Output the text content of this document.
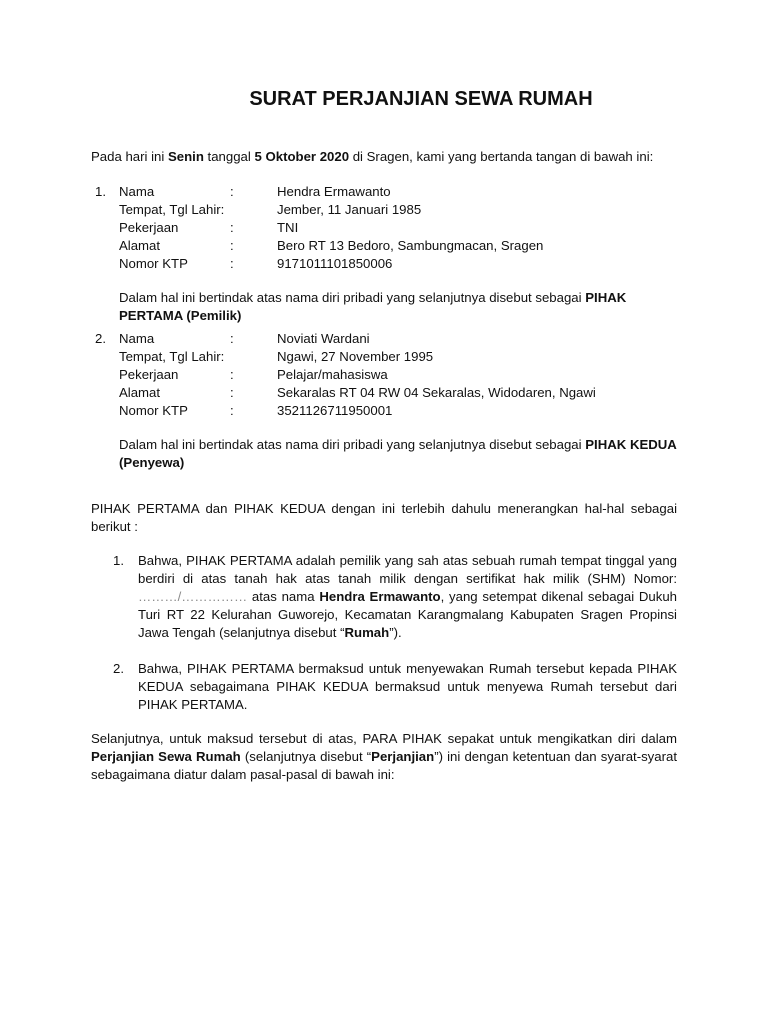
SURAT PERJANJIAN SEWA RUMAH
Pada hari ini Senin tanggal 5 Oktober 2020 di Sragen, kami yang bertanda tangan di bawah ini:
1. Nama	:	Hendra Ermawanto
Tempat, Tgl Lahir:	Jember, 11 Januari 1985
Pekerjaan	:	TNI
Alamat	:	Bero RT 13 Bedoro, Sambungmacan, Sragen
Nomor KTP	:	9171011101850006
Dalam hal ini bertindak atas nama diri pribadi yang selanjutnya disebut sebagai PIHAK PERTAMA (Pemilik)
2. Nama	:	Noviati Wardani
Tempat, Tgl Lahir:	Ngawi, 27 November 1995
Pekerjaan	:	Pelajar/mahasiswa
Alamat	:	Sekaralas RT 04 RW 04 Sekaralas, Widodaren, Ngawi
Nomor KTP	:	3521126711950001
Dalam hal ini bertindak atas nama diri pribadi yang selanjutnya disebut sebagai PIHAK KEDUA (Penyewa)
PIHAK PERTAMA dan PIHAK KEDUA dengan ini terlebih dahulu menerangkan hal-hal sebagai berikut :
1. Bahwa, PIHAK PERTAMA adalah pemilik yang sah atas sebuah rumah tempat tinggal yang berdiri di atas tanah hak atas tanah milik dengan sertifikat hak milik (SHM) Nomor: ………/…………… atas nama Hendra Ermawanto, yang setempat dikenal sebagai Dukuh Turi RT 22 Kelurahan Guworejo, Kecamatan Karangmalang Kabupaten Sragen Propinsi Jawa Tengah (selanjutnya disebut “Rumah”).
2. Bahwa, PIHAK PERTAMA bermaksud untuk menyewakan Rumah tersebut kepada PIHAK KEDUA sebagaimana PIHAK KEDUA bermaksud untuk menyewa Rumah tersebut dari PIHAK PERTAMA.
Selanjutnya, untuk maksud tersebut di atas, PARA PIHAK sepakat untuk mengikatkan diri dalam Perjanjian Sewa Rumah (selanjutnya disebut “Perjanjian”) ini dengan ketentuan dan syarat-syarat sebagaimana diatur dalam pasal-pasal di bawah ini:
